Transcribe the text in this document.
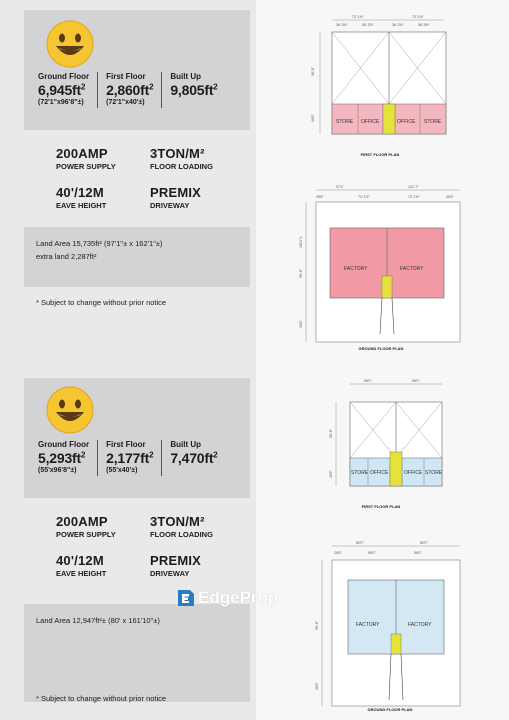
Ground Floor
$6,945ft^2$
(72'1"x96'8"±)
First Floor
$2,860ft^2$
(72'1"x40'±)
Built Up
$9,805ft^2$
200AMP
POWER SUPPLY
3TON/M²
FLOOR LOADING
40'/12M
EAVE HEIGHT
PREMIX
DRIVEWAY
Land Area 15,735ft² (97'1"± x 162'1"±)
extra land 2,287ft²
* Subject to change without prior notice
Ground Floor
$5,293ft^2$
(55'x96'8"±)
First Floor
$2,177ft^2$
(55'x40'±)
Built Up
$7,470ft^2$
200AMP
POWER SUPPLY
3TON/M²
FLOOR LOADING
40'/12M
EAVE HEIGHT
PREMIX
DRIVEWAY
Land Area 12,947ft²± (80' x 161'10"±)
* Subject to change without prior notice
72'-1½"	72'-1½"
36'-0½"	36'-2½"	36'-2½"	36'-0½"
STORE OFFICE	OFFICE STORE
36'-8"
40'6"
FIRST FLOOR PLAN
97'1"	112'-7"
25'6"	72'-1½"	72'-1½"	40'6"
FACTORY	FACTORY
162'1"±
96'-8"
40'6"
GROUND FLOOR PLAN
55'0"	55'0"
STORE OFFICE	OFFICE STORE
36'-8"
40'6"
FIRST FLOOR PLAN
80'0"	80'0"
25'6"	55'0"	55'0"
FACTORY	FACTORY
96'-8"
40'6"
GROUND FLOOR PLAN
EdgeProp
